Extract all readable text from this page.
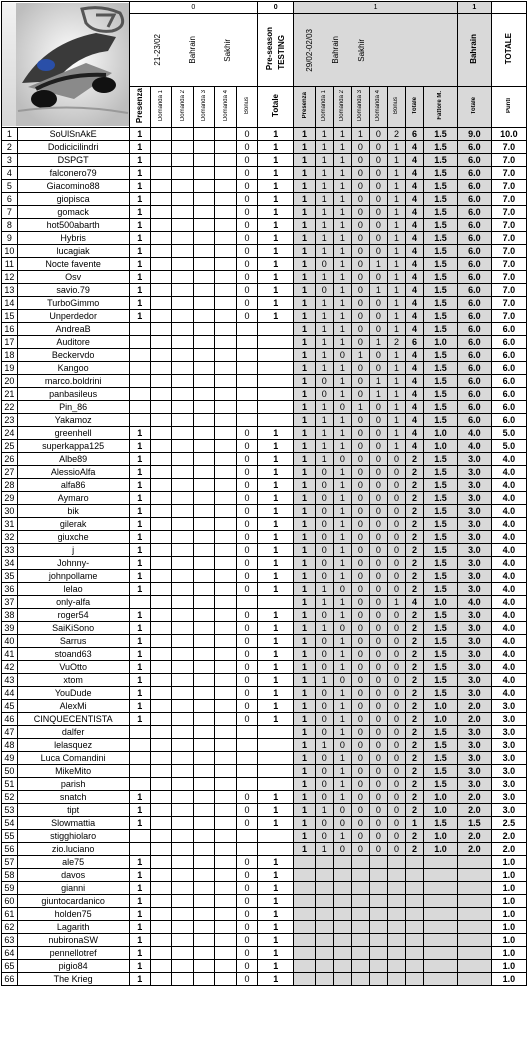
	0						0	1								1	

		21-23/02 Bahrain Sakhir						Pre-season TESTING	29/02-02/03 Bahrain Sakhir								Bahrain	TOTALE
		Presenza	Domanda 1	Domanda 2	Domanda 3	Domanda 4	Bonus	Totale	Presenza	Domanda 1	Domanda 2	Domanda 3	Domanda 4	Bonus	Totale	Fattore M.	Totale	Punti
1	SoUlSnAkE	1					0	1	1	1	1	1	0	2	6	1.5	9.0	10.0
2	Dodicicilindri	1					0	1	1	1	1	0	0	1	4	1.5	6.0	7.0
3	DSPGT	1					0	1	1	1	1	0	0	1	4	1.5	6.0	7.0
4	falconero79	1					0	1	1	1	1	0	0	1	4	1.5	6.0	7.0
5	Giacomino88	1					0	1	1	1	1	0	0	1	4	1.5	6.0	7.0
6	giopisca	1					0	1	1	1	1	0	0	1	4	1.5	6.0	7.0
7	gomack	1					0	1	1	1	1	0	0	1	4	1.5	6.0	7.0
8	hot500abarth	1					0	1	1	1	1	0	0	1	4	1.5	6.0	7.0
9	Hybris	1					0	1	1	1	1	0	0	1	4	1.5	6.0	7.0
10	lucagiak	1					0	1	1	1	1	0	0	1	4	1.5	6.0	7.0
11	Nocte favente	1					0	1	1	0	1	0	1	1	4	1.5	6.0	7.0
12	Osv	1					0	1	1	1	1	0	0	1	4	1.5	6.0	7.0
13	savio.79	1					0	1	1	0	1	0	1	1	4	1.5	6.0	7.0
14	TurboGimmo	1					0	1	1	1	1	0	0	1	4	1.5	6.0	7.0
15	Unperdedor	1					0	1	1	1	1	0	0	1	4	1.5	6.0	7.0
16	AndreaB								1	1	1	0	0	1	4	1.5	6.0	6.0
17	Auditore								1	1	1	0	1	2	6	1.0	6.0	6.0
18	Beckervdo								1	1	0	1	0	1	4	1.5	6.0	6.0
19	Kangoo								1	1	1	0	0	1	4	1.5	6.0	6.0
20	marco.boldrini								1	0	1	0	1	1	4	1.5	6.0	6.0
21	panbasileus								1	0	1	0	1	1	4	1.5	6.0	6.0
22	Pin_86								1	1	0	1	0	1	4	1.5	6.0	6.0
23	Yakamoz								1	1	1	0	0	1	4	1.5	6.0	6.0
24	greenhell	1					0	1	1	1	1	0	0	1	4	1.0	4.0	5.0
25	superkappa125	1					0	1	1	1	1	0	0	1	4	1.0	4.0	5.0
26	Albe89	1					0	1	1	1	0	0	0	0	2	1.5	3.0	4.0
27	AlessioAlfa	1					0	1	1	0	1	0	0	0	2	1.5	3.0	4.0
28	alfa86	1					0	1	1	0	1	0	0	0	2	1.5	3.0	4.0
29	Aymaro	1					0	1	1	0	1	0	0	0	2	1.5	3.0	4.0
30	bik	1					0	1	1	0	1	0	0	0	2	1.5	3.0	4.0
31	gilerak	1					0	1	1	0	1	0	0	0	2	1.5	3.0	4.0
32	giuxche	1					0	1	1	0	1	0	0	0	2	1.5	3.0	4.0
33	j	1					0	1	1	0	1	0	0	0	2	1.5	3.0	4.0
34	Johnny-	1					0	1	1	0	1	0	0	0	2	1.5	3.0	4.0
35	johnpollame	1					0	1	1	0	1	0	0	0	2	1.5	3.0	4.0
36	lelao	1					0	1	1	1	0	0	0	0	2	1.5	3.0	4.0
37	only-alfa								1	1	1	0	0	1	4	1.0	4.0	4.0
38	roger54	1					0	1	1	0	1	0	0	0	2	1.5	3.0	4.0
39	SaiKiSono	1					0	1	1	1	0	0	0	0	2	1.5	3.0	4.0
40	Sarrus	1					0	1	1	0	1	0	0	0	2	1.5	3.0	4.0
41	stoand63	1					0	1	1	0	1	0	0	0	2	1.5	3.0	4.0
42	VuOtto	1					0	1	1	0	1	0	0	0	2	1.5	3.0	4.0
43	xtom	1					0	1	1	1	0	0	0	0	2	1.5	3.0	4.0
44	YouDude	1					0	1	1	0	1	0	0	0	2	1.5	3.0	4.0
45	AlexMi	1					0	1	1	0	1	0	0	0	2	1.0	2.0	3.0
46	CINQUECENTISTA	1					0	1	1	0	1	0	0	0	2	1.0	2.0	3.0
47	dalfer								1	0	1	0	0	0	2	1.5	3.0	3.0
48	lelasquez								1	1	0	0	0	0	2	1.5	3.0	3.0
49	Luca Comandini								1	0	1	0	0	0	2	1.5	3.0	3.0
50	MikeMito								1	0	1	0	0	0	2	1.5	3.0	3.0
51	parish								1	0	1	0	0	0	2	1.5	3.0	3.0
52	snatch	1					0	1	1	0	1	0	0	0	2	1.0	2.0	3.0
53	tipt	1					0	1	1	1	0	0	0	0	2	1.0	2.0	3.0
54	Slowmattia	1					0	1	1	0	0	0	0	0	1	1.5	1.5	2.5
55	stigghiolaro								1	0	1	0	0	0	2	1.0	2.0	2.0
56	zio.luciano								1	1	0	0	0	0	2	1.0	2.0	2.0
57	ale75	1					0	1										1.0
58	davos	1					0	1										1.0
59	gianni	1					0	1										1.0
60	giuntocardanico	1					0	1										1.0
61	holden75	1					0	1										1.0
62	Lagarith	1					0	1										1.0
63	nubironaSW	1					0	1										1.0
64	pennellotref	1					0	1										1.0
65	pigio84	1					0	1										1.0
66	The Krieg	1					0	1										1.0
